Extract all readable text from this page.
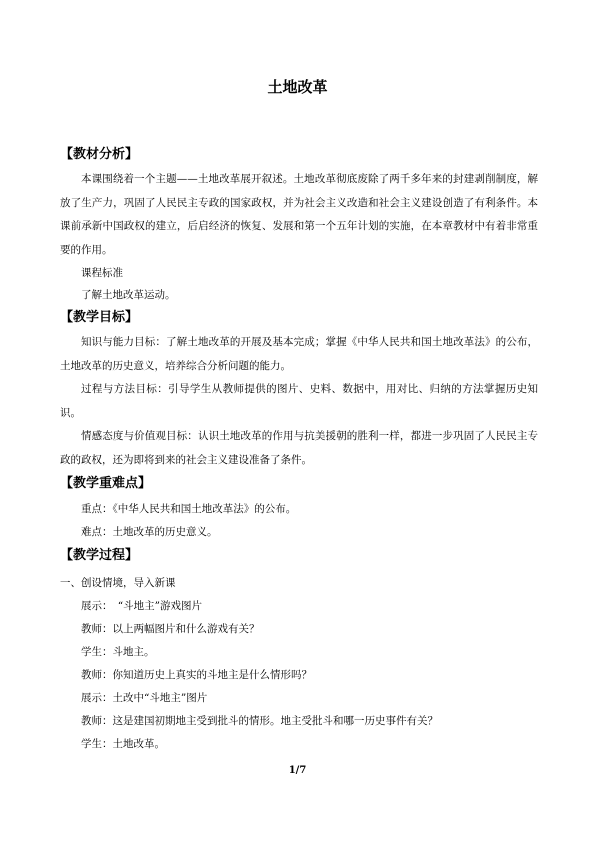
土地改革
【教材分析】
本课围绕着一个主题——土地改革展开叙述。土地改革彻底废除了两千多年来的封建剥削制度，解放了生产力，巩固了人民民主专政的国家政权，并为社会主义改造和社会主义建设创造了有利条件。本课前承新中国政权的建立，后启经济的恢复、发展和第一个五年计划的实施，在本章教材中有着非常重要的作用。
课程标准
了解土地改革运动。
【教学目标】
知识与能力目标：了解土地改革的开展及基本完成；掌握《中华人民共和国土地改革法》的公布，土地改革的历史意义，培养综合分析问题的能力。
过程与方法目标：引导学生从教师提供的图片、史料、数据中，用对比、归纳的方法掌握历史知识。
情感态度与价值观目标：认识土地改革的作用与抗美援朝的胜利一样，都进一步巩固了人民民主专政的政权，还为即将到来的社会主义建设准备了条件。
【教学重难点】
重点：《中华人民共和国土地改革法》的公布。
难点：土地改革的历史意义。
【教学过程】
一、创设情境，导入新课
展示：　“斗地主”游戏图片
教师：以上两幅图片和什么游戏有关？
学生：斗地主。
教师：你知道历史上真实的斗地主是什么情形吗？
展示：土改中“斗地主”图片
教师：这是建国初期地主受到批斗的情形。地主受批斗和哪一历史事件有关？
学生：土地改革。
1/7
